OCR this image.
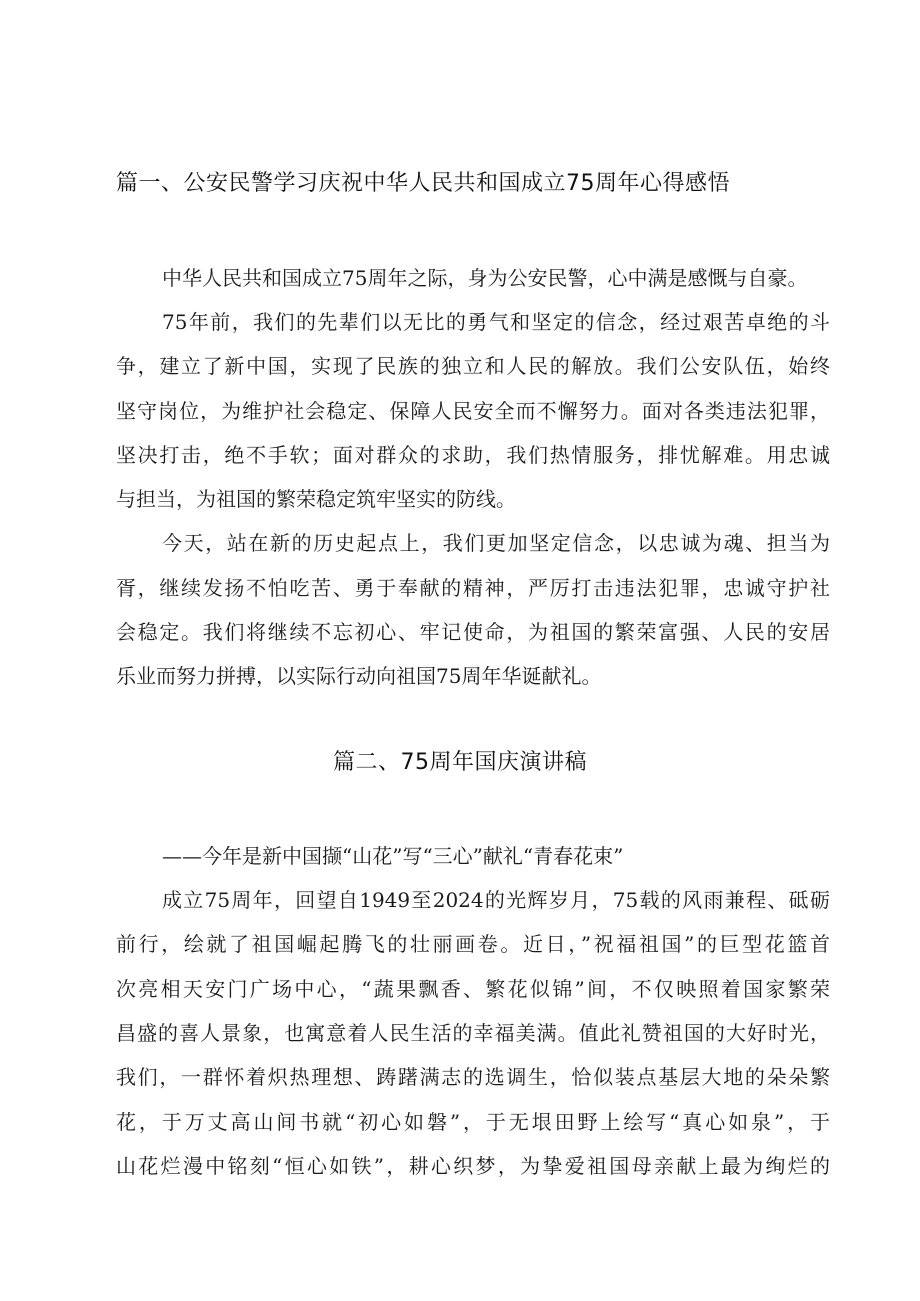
篇一、公安民警学习庆祝中华人民共和国成立75周年心得感悟
中华人民共和国成立75周年之际，身为公安民警，心中满是感慨与自豪。
75年前，我们的先辈们以无比的勇气和坚定的信念，经过艰苦卓绝的斗
争，建立了新中国，实现了民族的独立和人民的解放。我们公安队伍，始终
坚守岗位，为维护社会稳定、保障人民安全而不懈努力。面对各类违法犯罪，
坚决打击，绝不手软；面对群众的求助，我们热情服务，排忧解难。用忠诚
与担当，为祖国的繁荣稳定筑牢坚实的防线。
今天，站在新的历史起点上，我们更加坚定信念，以忠诚为魂、担当为
胥，继续发扬不怕吃苦、勇于奉献的精神，严厉打击违法犯罪，忠诚守护社
会稳定。我们将继续不忘初心、牢记使命，为祖国的繁荣富强、人民的安居
乐业而努力拼搏，以实际行动向祖国75周年华诞献礼。
篇二、75周年国庆演讲稿
——今年是新中国撷“山花”写“三心”献礼“青春花束”
成立75周年，回望自1949至2024的光辉岁月，75载的风雨兼程、砥砺
前行，绘就了祖国崛起腾飞的壮丽画卷。近日，”祝福祖国”的巨型花篮首
次亮相天安门广场中心，“蔬果飘香、繁花似锦”间，不仅映照着国家繁荣
昌盛的喜人景象，也寓意着人民生活的幸福美满。值此礼赞祖国的大好时光，
我们，一群怀着炽热理想、踌躇满志的选调生，恰似装点基层大地的朵朵繁
花，于万丈高山间书就“初心如磐”，于无垠田野上绘写“真心如泉”，于
山花烂漫中铭刻“恒心如铁”，耕心织梦，为挚爱祖国母亲献上最为绚烂的
